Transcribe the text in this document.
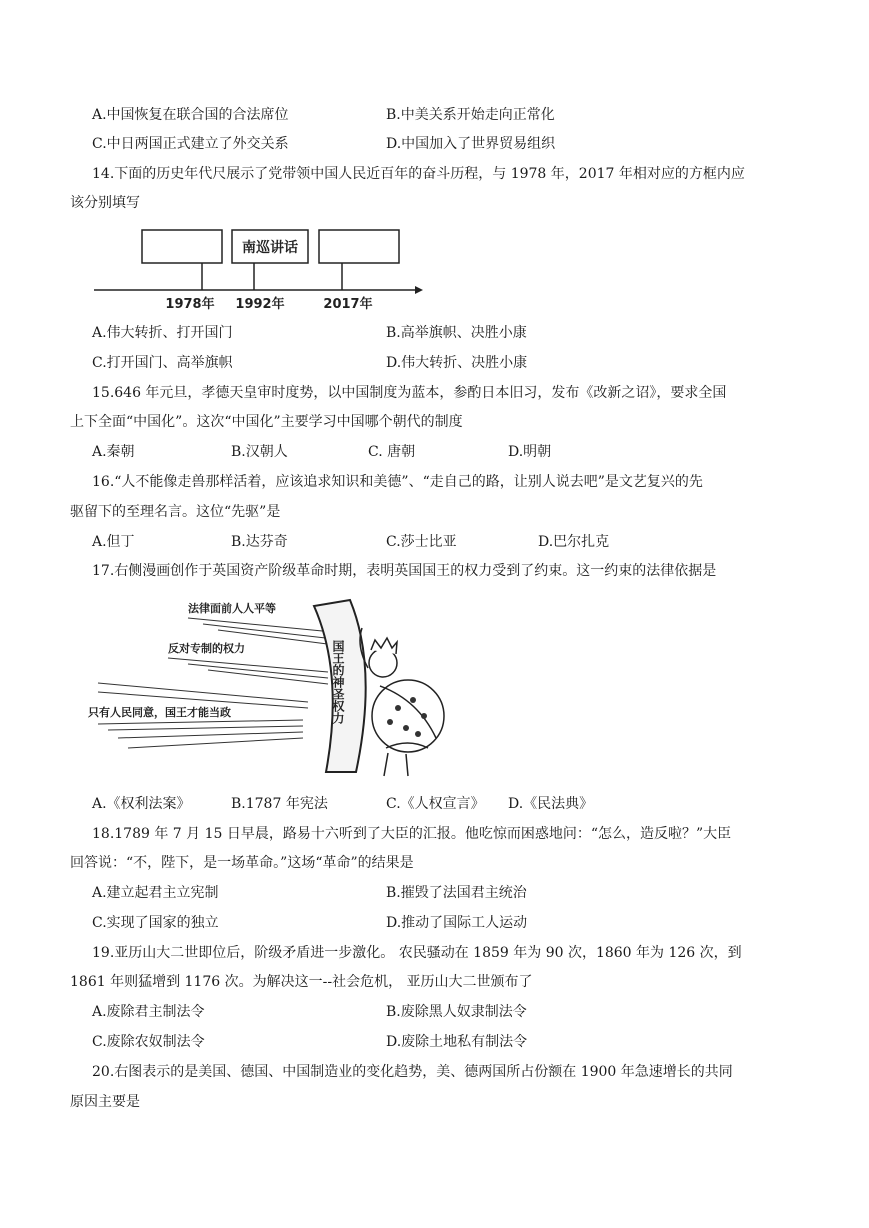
A.中国恢复在联合国的合法席位	B.中美关系开始走向正常化
C.中日两国正式建立了外交关系	D.中国加入了世界贸易组织
14.下面的历史年代尺展示了党带领中国人民近百年的奋斗历程，与 1978 年，2017 年相对应的方框内应
该分别填写
南巡讲话
1978年 1992年	2017年
A.伟大转折、打开国门	B.高举旗帜、决胜小康
C.打开国门、高举旗帜	D.伟大转折、决胜小康
15.646 年元旦，孝德天皇审时度势，以中国制度为蓝本，参酌日本旧习，发布《改新之诏》，要求全国
上下全面“中国化”。这次“中国化”主要学习中国哪个朝代的制度
A.秦朝	B.汉朝人	C. 唐朝	D.明朝
16.“人不能像走兽那样活着，应该追求知识和美德”、“走自己的路，让别人说去吧”是文艺复兴的先
驱留下的至理名言。这位“先驱”是
A.但丁	B.达芬奇	C.莎士比亚	D.巴尔扎克
17.右侧漫画创作于英国资产阶级革命时期，表明英国国王的权力受到了约束。这一约束的法律依据是
法律面前人人平等
反对专制的权力
只有人民同意，国王才能当政	国王的神圣权力
A.《权利法案》	B.1787 年宪法	C.《人权宣言》 D.《民法典》
18.1789 年 7 月 15 日早晨，路易十六听到了大臣的汇报。他吃惊而困惑地问：“怎么，造反啦？”大臣
回答说：“不，陛下，是一场革命。”这场“革命”的结果是
A.建立起君主立宪制	B.摧毁了法国君主统治
C.实现了国家的独立	D.推动了国际工人运动
19.亚历山大二世即位后，阶级矛盾进一步激化。 农民骚动在 1859 年为 90 次，1860 年为 126 次，到
1861 年则猛增到 1176 次。为解决这一--社会危机， 亚历山大二世颁布了
A.废除君主制法令	B.废除黑人奴隶制法令
C.废除农奴制法令	D.废除土地私有制法令
20.右图表示的是美国、德国、中国制造业的变化趋势，美、德两国所占份额在 1900 年急速增长的共同
原因主要是
